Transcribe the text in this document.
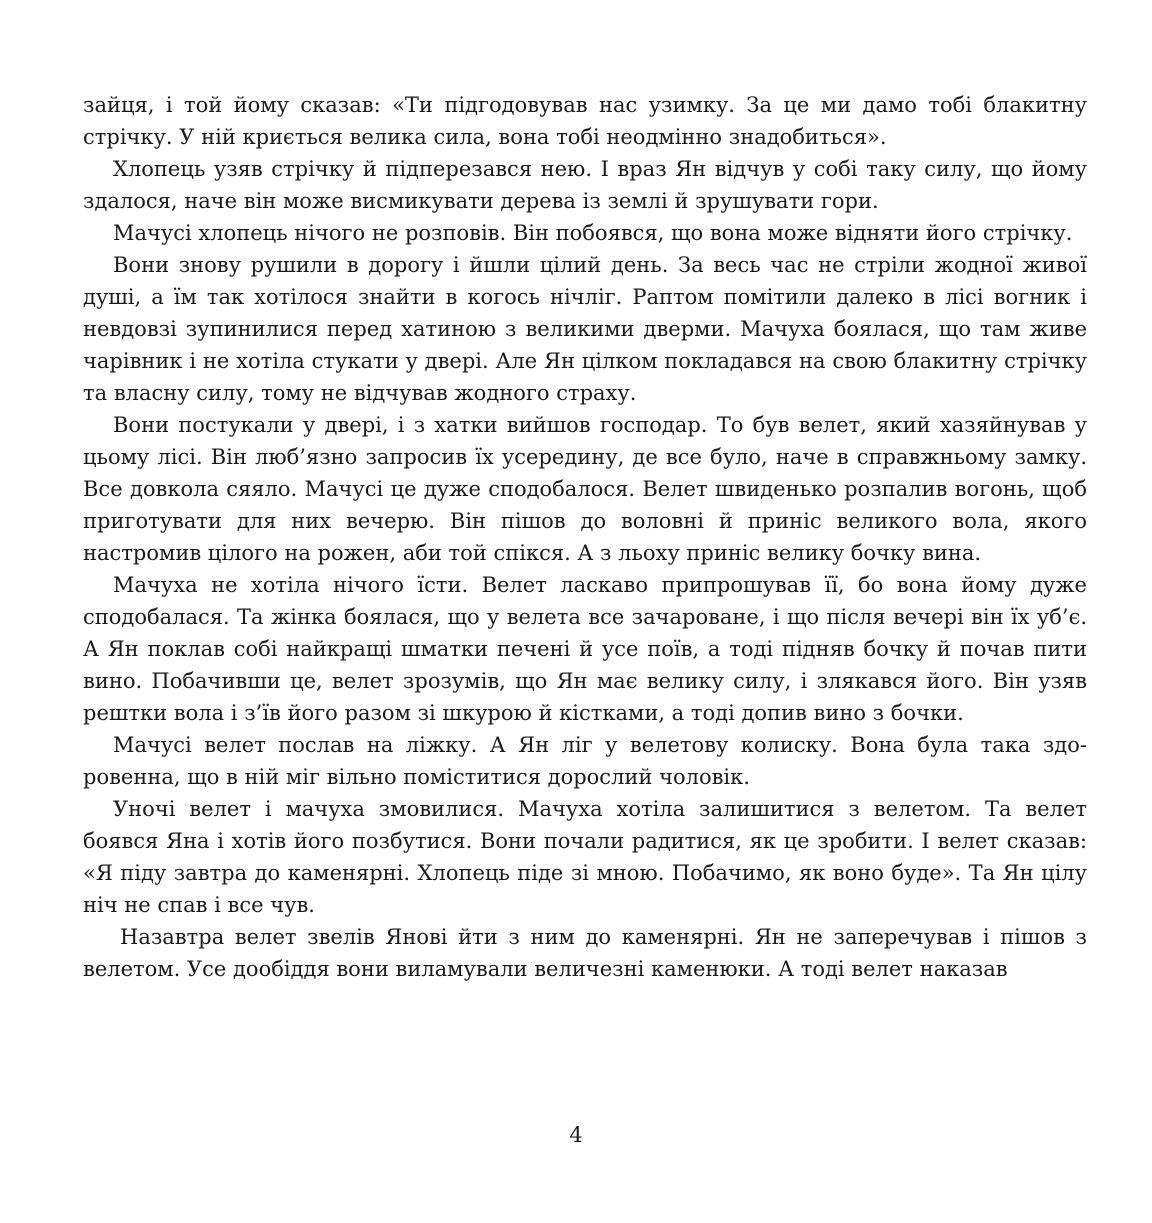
зайця, і той йому сказав: «Ти підгодовував нас узимку. За це ми дамо тобі блакитну стрічку. У ній криється велика сила, вона тобі неодмінно знадобиться».

Хлопець узяв стрічку й підперезався нею. І враз Ян відчув у собі таку силу, що йому здалося, наче він може висмикувати дерева із землі й зрушувати гори.

Мачусі хлопець нічого не розповів. Він побоявся, що вона може відняти його стрічку.

Вони знову рушили в дорогу і йшли цілий день. За весь час не стріли жодної живої душі, а їм так хотілося знайти в когось нічліг. Раптом помітили далеко в лісі вогник і невдовзі зупинилися перед хатиною з великими дверми. Мачуха боялася, що там живе чарівник і не хотіла стукати у двері. Але Ян цілком покладався на свою блакитну стрічку та власну силу, тому не відчував жодного страху.

Вони постукали у двері, і з хатки вийшов господар. То був велет, який хазяйнував у цьому лісі. Він люб’язно запросив їх усередину, де все було, наче в справжньому замку. Все довкола сяяло. Мачусі це дуже сподобалося. Велет швиденько розпалив вогонь, щоб приготувати для них вечерю. Він пішов до воловні й приніс великого вола, якого настромив цілого на рожен, аби той спікся. А з льоху приніс велику бочку вина.

Мачуха не хотіла нічого їсти. Велет ласкаво припрошував її, бо вона йому дуже сподобалася. Та жінка боялася, що у велета все зачароване, і що після вечері він їх уб’є. А Ян поклав собі найкращі шматки печені й усе поїв, а тоді підняв бочку й почав пити вино. Побачивши це, велет зрозумів, що Ян має велику силу, і злякався його. Він узяв рештки вола і з’їв його разом зі шкурою й кістками, а тоді допив вино з бочки.

Мачусі велет послав на ліжку. А Ян ліг у велетову колиску. Вона була така здоровенна, що в ній міг вільно поміститися дорослий чоловік.

Уночі велет і мачуха змовилися. Мачуха хотіла залишитися з велетом. Та велет боявся Яна і хотів його позбутися. Вони почали радитися, як це зробити. І велет сказав: «Я піду завтра до каменярні. Хлопець піде зі мною. Побачимо, як воно буде». Та Ян цілу ніч не спав і все чув.

Назавтра велет звелів Янові йти з ним до каменярні. Ян не заперечував і пішов з велетом. Усе дообіддя вони виламували величезні каменюки. А тоді велет наказав

4
